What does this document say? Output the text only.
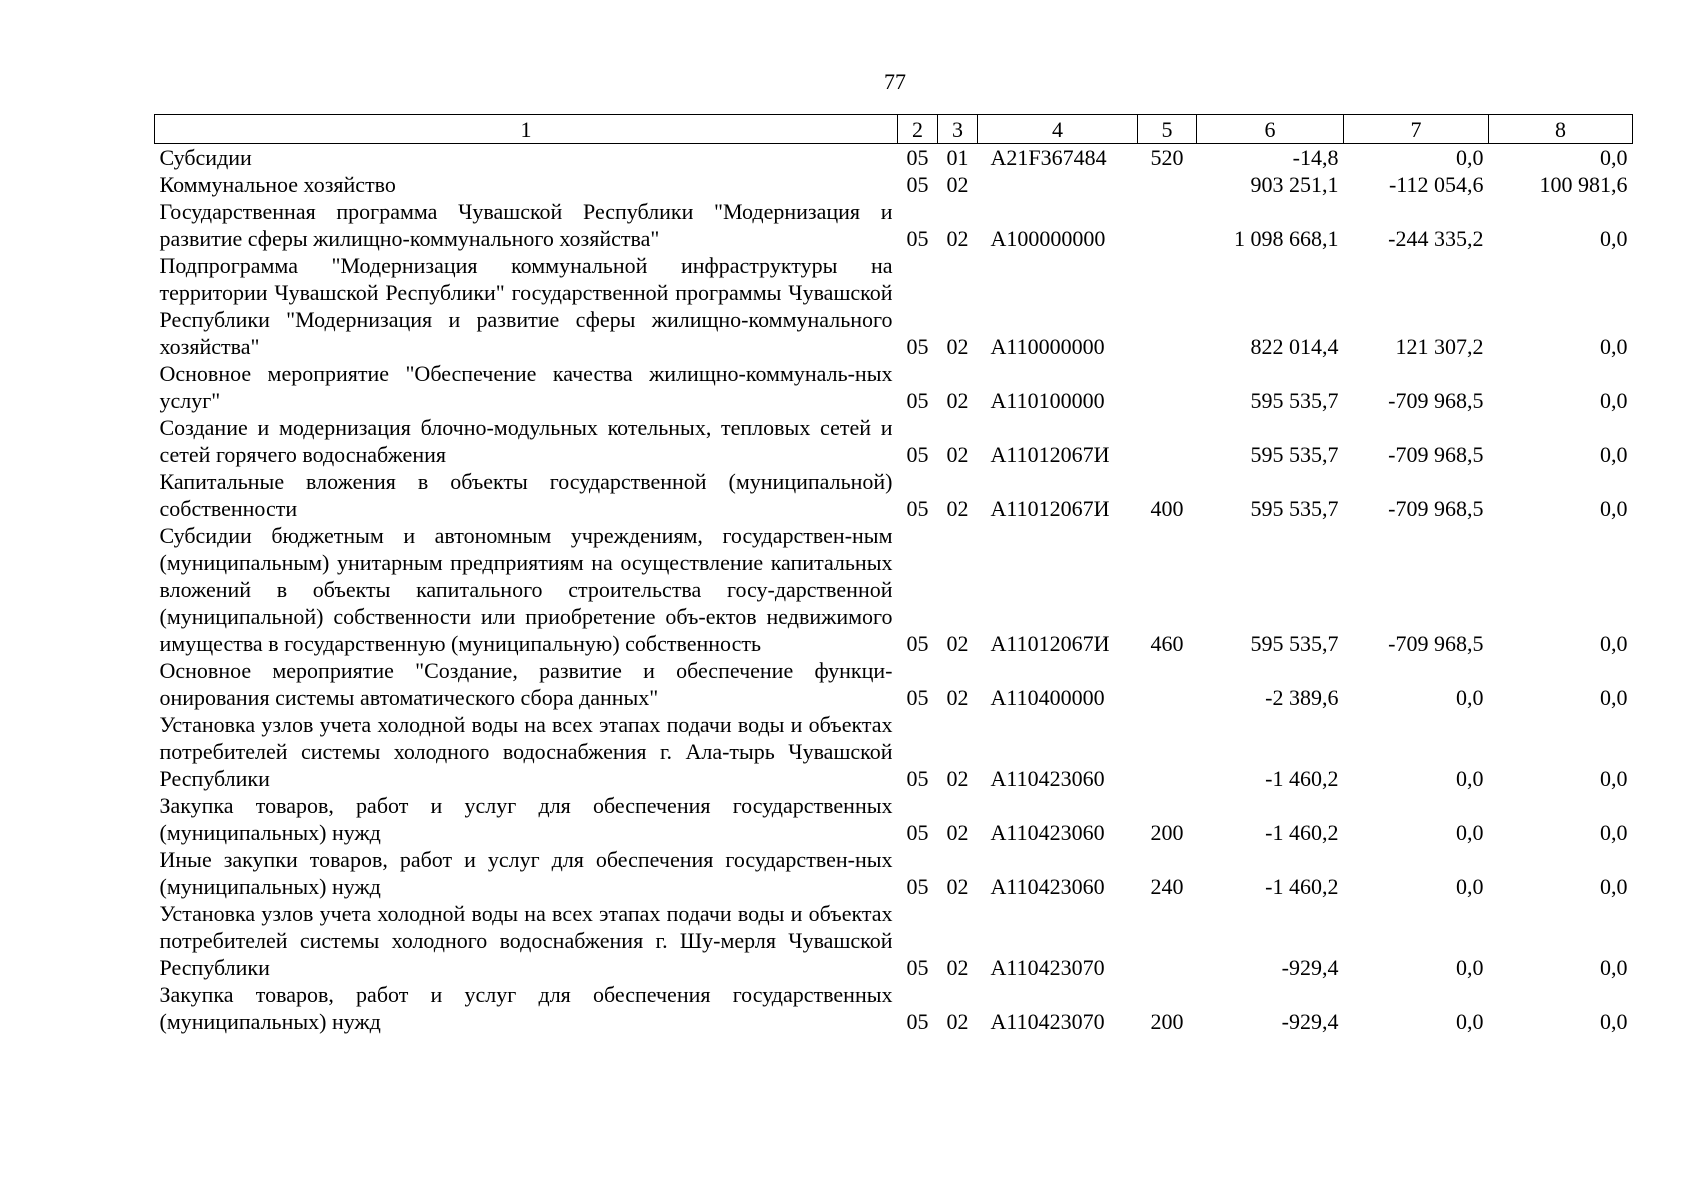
77
1	2	3	4	5	6	7	8
Субсидии	05	01	A21F367484	520	-14,8	0,0	0,0
Коммунальное хозяйство	05	02			903 251,1	-112 054,6	100 981,6
Государственная программа Чувашской Республики "Модернизация и развитие сферы жилищно-коммунального хозяйства"	05	02	A100000000		1 098 668,1	-244 335,2	0,0
Подпрограмма "Модернизация коммунальной инфраструктуры на территории Чувашской Республики" государственной программы Чувашской Республики "Модернизация и развитие сферы жилищно-коммунального хозяйства"	05	02	A110000000		822 014,4	121 307,2	0,0
Основное мероприятие "Обеспечение качества жилищно-коммуналь-ных услуг"	05	02	A110100000		595 535,7	-709 968,5	0,0
Создание и модернизация блочно-модульных котельных, тепловых сетей и сетей горячего водоснабжения	05	02	A11012067И		595 535,7	-709 968,5	0,0
Капитальные вложения в объекты государственной (муниципальной) собственности	05	02	A11012067И	400	595 535,7	-709 968,5	0,0
Субсидии бюджетным и автономным учреждениям, государствен-ным (муниципальным) унитарным предприятиям на осуществление капитальных вложений в объекты капитального строительства госу-дарственной (муниципальной) собственности или приобретение объ-ектов недвижимого имущества в государственную (муниципальную) собственность	05	02	A11012067И	460	595 535,7	-709 968,5	0,0
Основное мероприятие "Создание, развитие и обеспечение функци-онирования системы автоматического сбора данных"	05	02	A110400000		-2 389,6	0,0	0,0
Установка узлов учета холодной воды на всех этапах подачи воды и объектах потребителей системы холодного водоснабжения г. Ала-тырь Чувашской Республики	05	02	A110423060		-1 460,2	0,0	0,0
Закупка товаров, работ и услуг для обеспечения государственных (муниципальных) нужд	05	02	A110423060	200	-1 460,2	0,0	0,0
Иные закупки товаров, работ и услуг для обеспечения государствен-ных (муниципальных) нужд	05	02	A110423060	240	-1 460,2	0,0	0,0
Установка узлов учета холодной воды на всех этапах подачи воды и объектах потребителей системы холодного водоснабжения г. Шу-мерля Чувашской Республики	05	02	A110423070		-929,4	0,0	0,0
Закупка товаров, работ и услуг для обеспечения государственных (муниципальных) нужд	05	02	A110423070	200	-929,4	0,0	0,0
